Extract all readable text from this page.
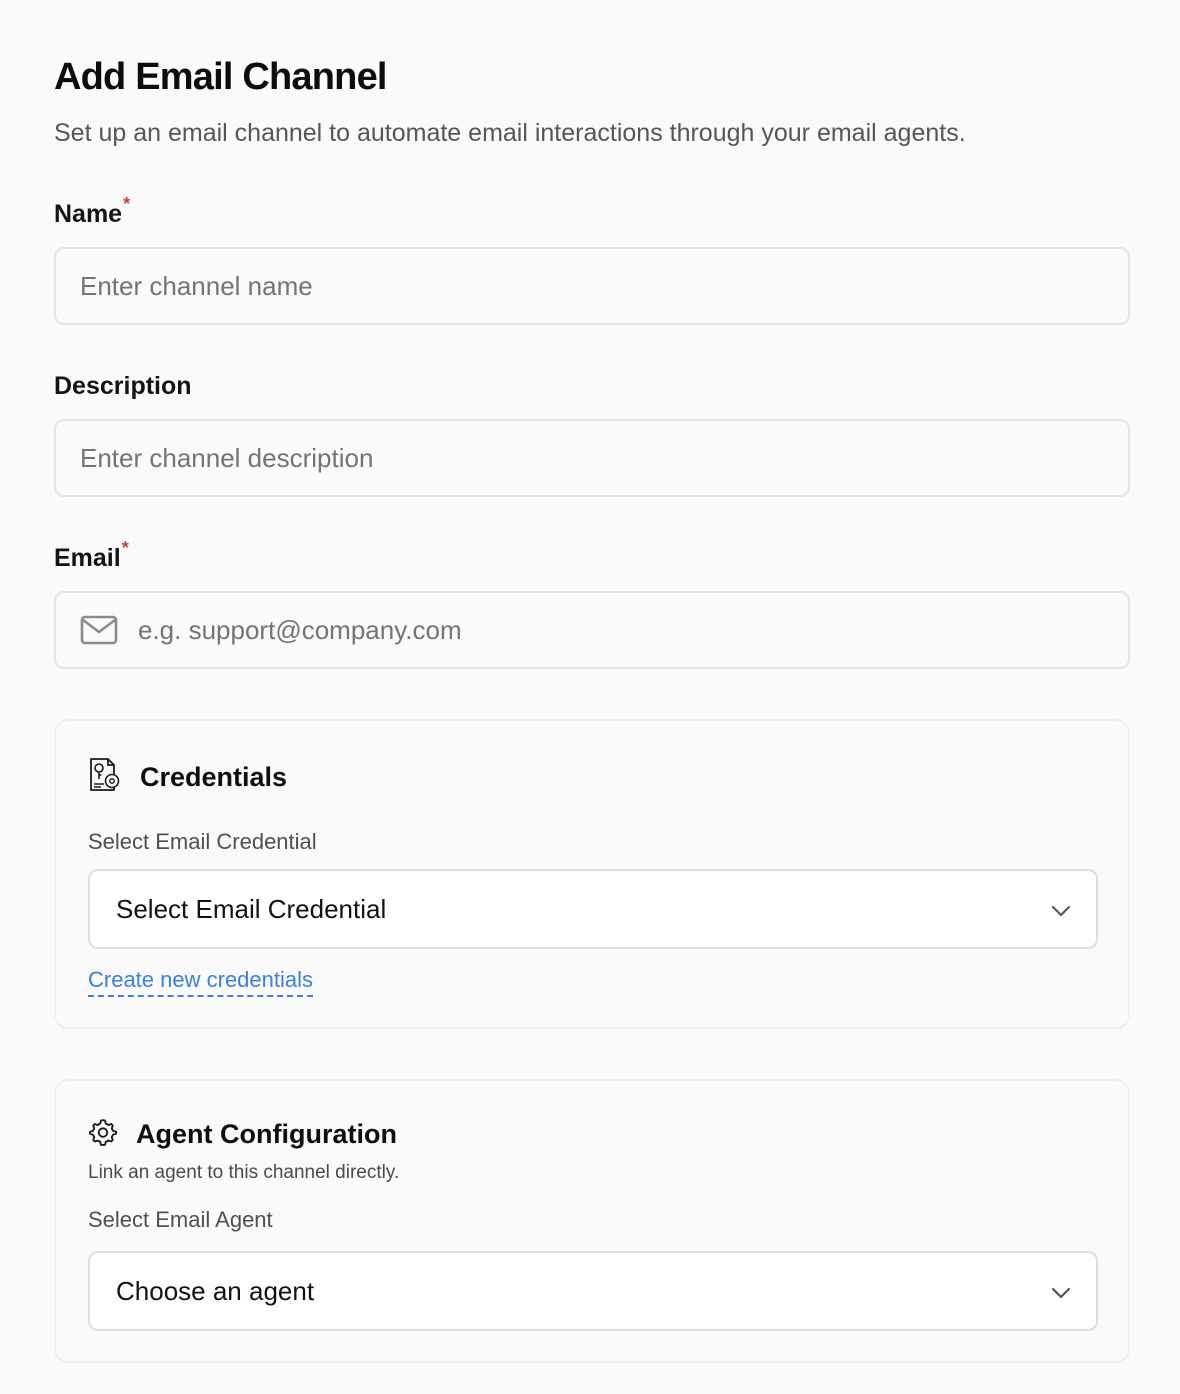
Add Email Channel

Set up an email channel to automate email interactions through your email agents.

Name*
Enter channel name
Description
Enter channel description
Email*
e.g. support@company.com
Credentials
Select Email Credential
Select Email Credential
Create new credentials
Agent Configuration
Link an agent to this channel directly.
Select Email Agent
Choose an agent
